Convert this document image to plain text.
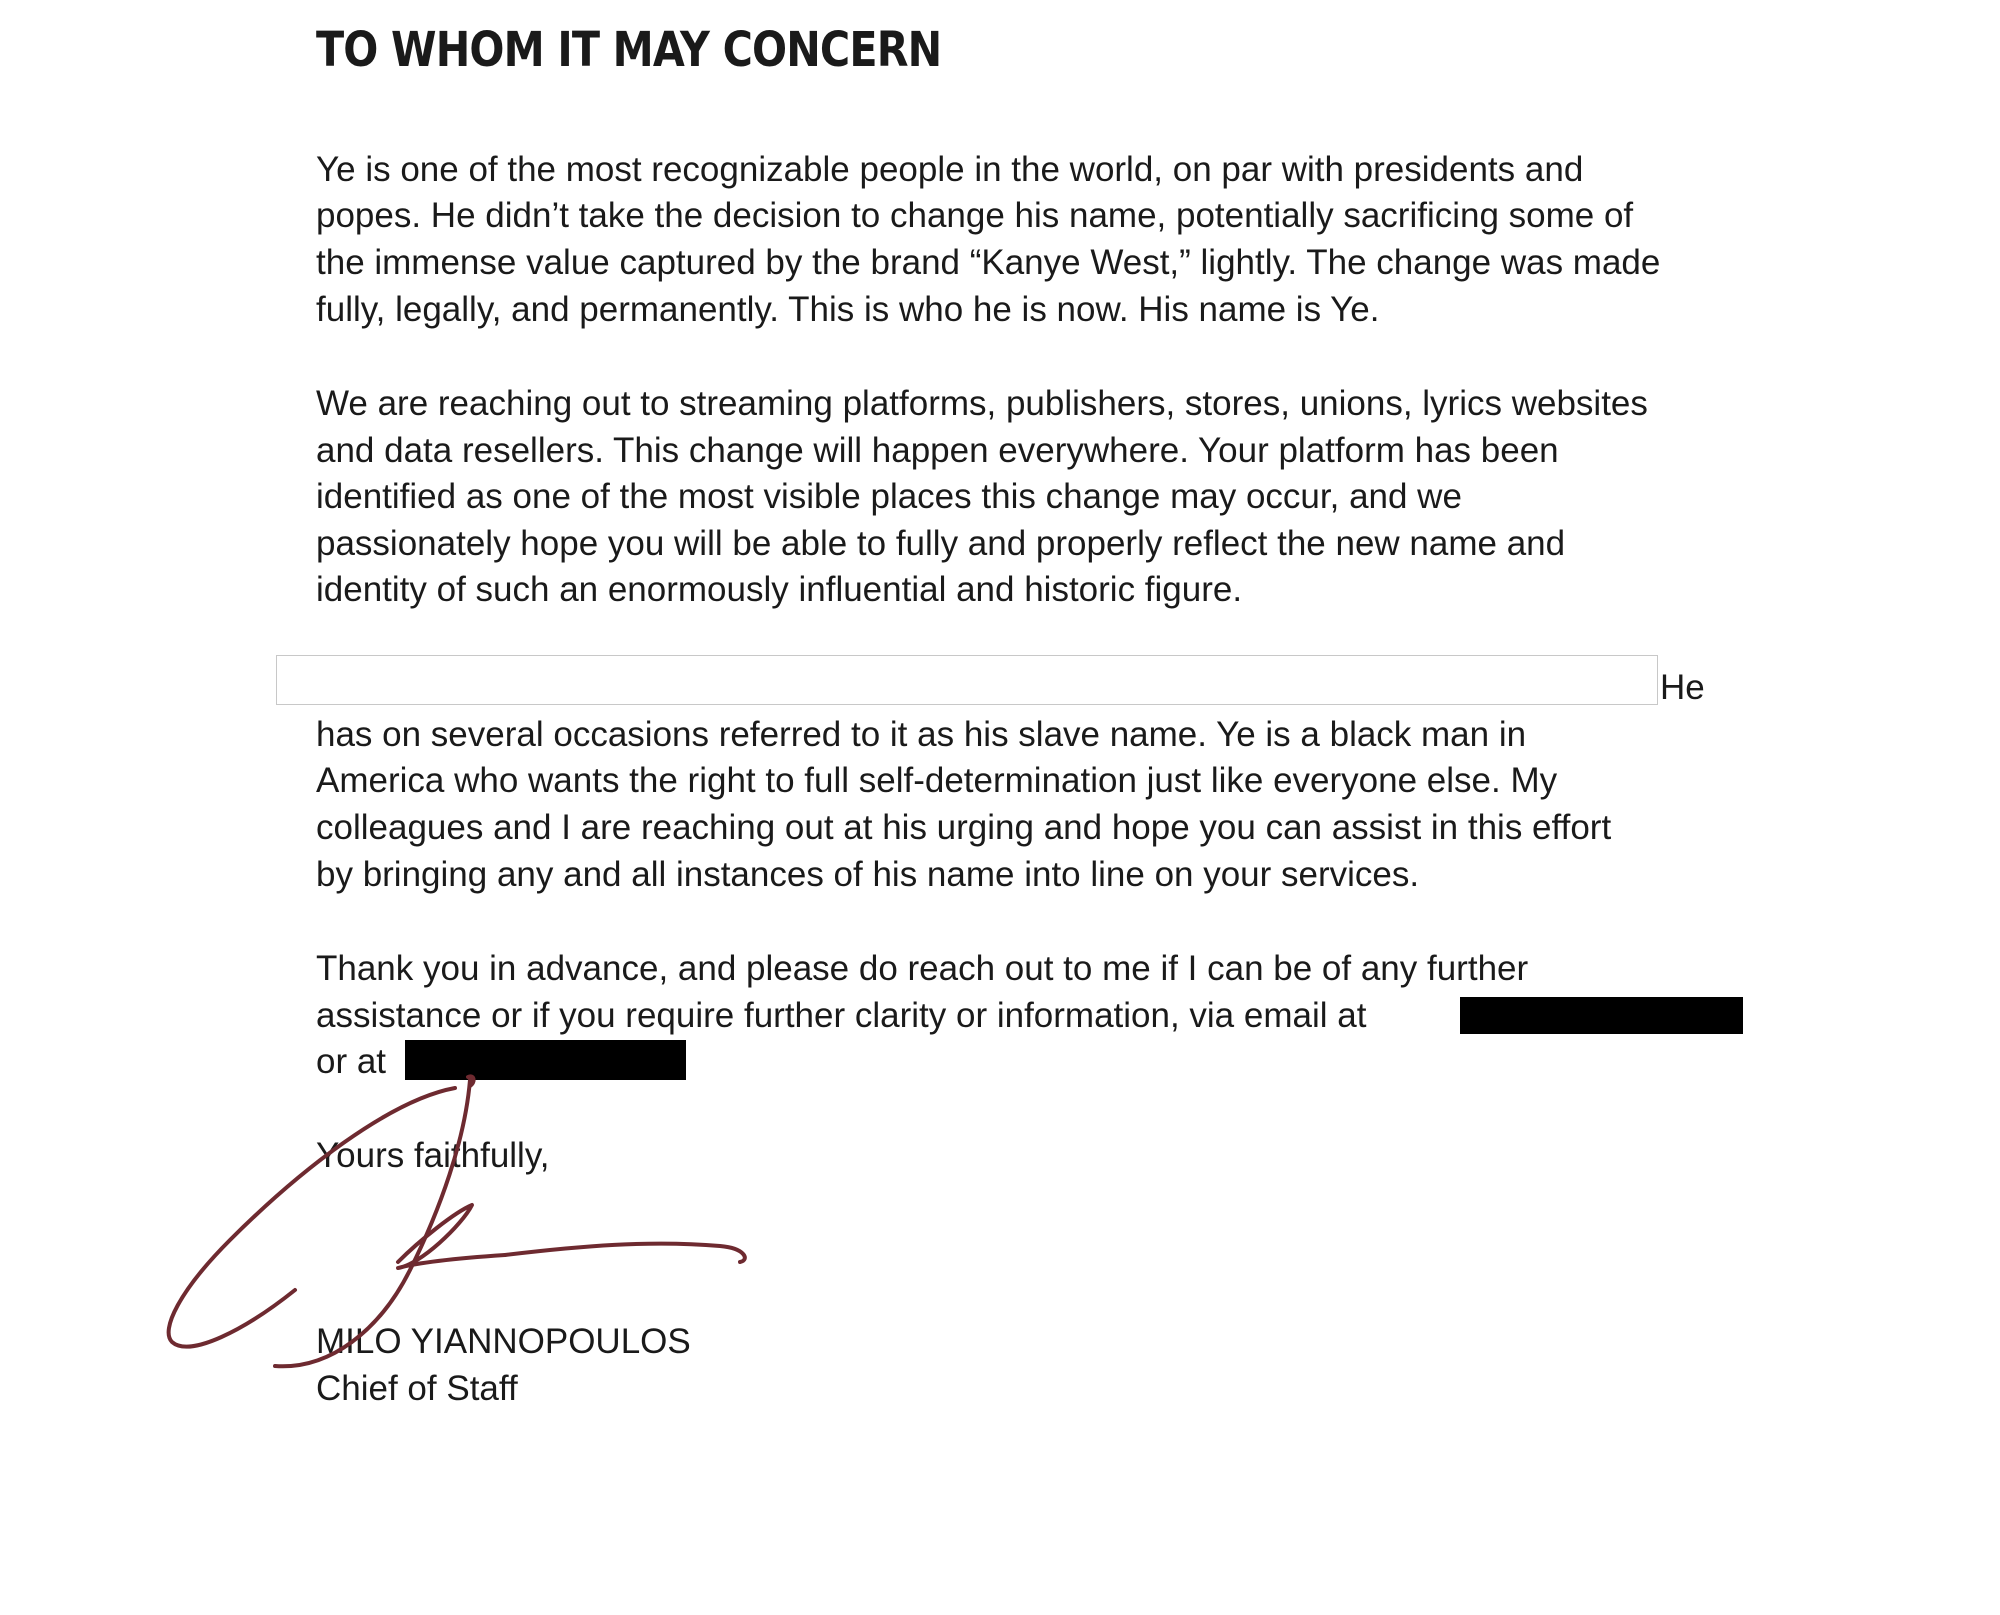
TO WHOM IT MAY CONCERN

Ye is one of the most recognizable people in the world, on par with presidents and

popes. He didn’t take the decision to change his name, potentially sacrificing some of

the immense value captured by the brand “Kanye West,” lightly. The change was made

fully, legally, and permanently. This is who he is now. His name is Ye.

We are reaching out to streaming platforms, publishers, stores, unions, lyrics websites

and data resellers. This change will happen everywhere. Your platform has been

identified as one of the most visible places this change may occur, and we

passionately hope you will be able to fully and properly reflect the new name and

identity of such an enormously influential and historic figure.

He

has on several occasions referred to it as his slave name. Ye is a black man in

America who wants the right to full self-determination just like everyone else. My

colleagues and I are reaching out at his urging and hope you can assist in this effort

by bringing any and all instances of his name into line on your services.

Thank you in advance, and please do reach out to me if I can be of any further

assistance or if you require further clarity or information, via email at

or at

Yours faithfully,

MILO YIANNOPOULOS

Chief of Staff
